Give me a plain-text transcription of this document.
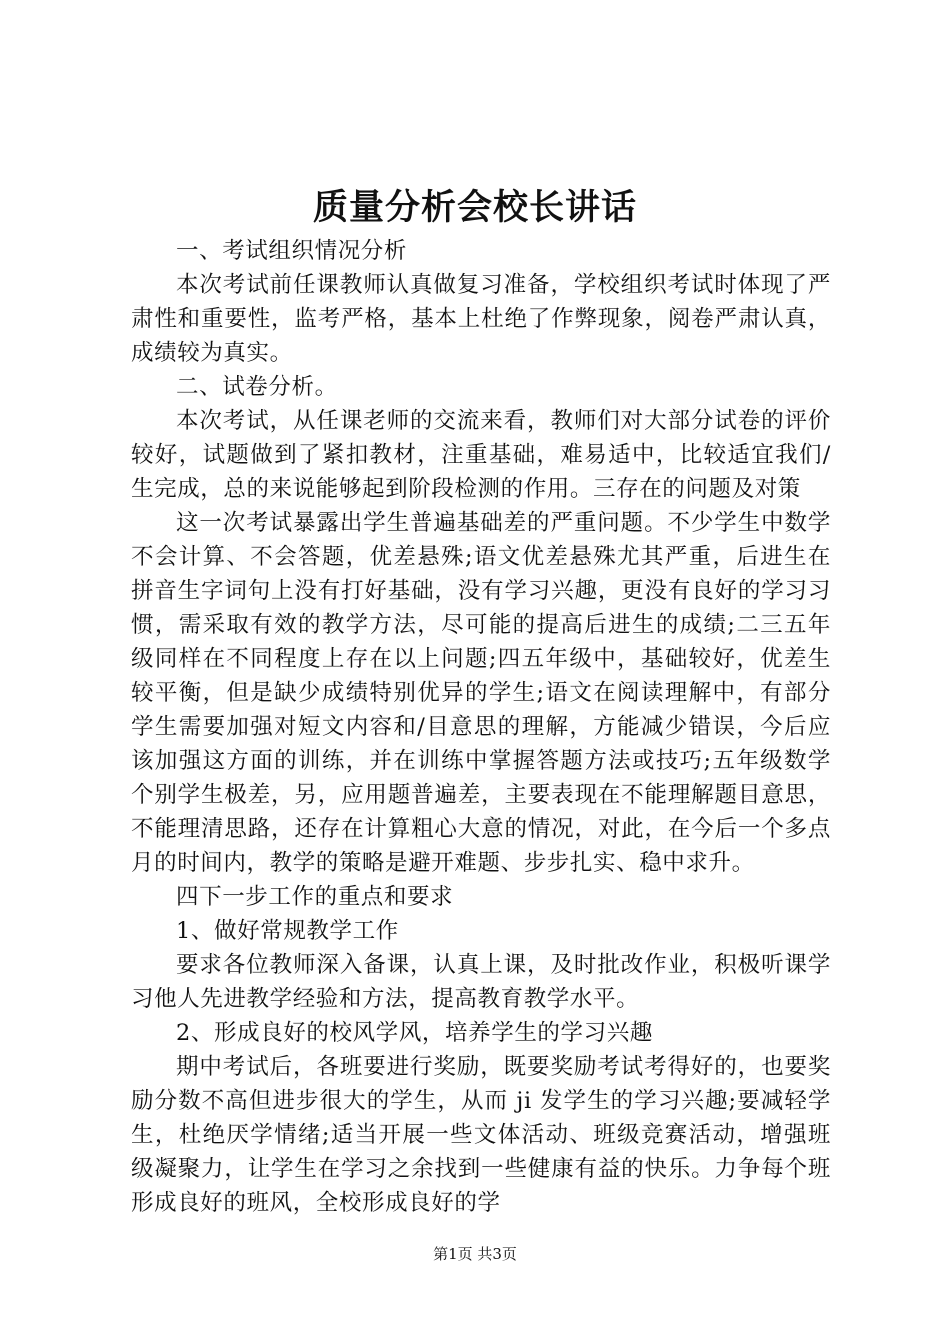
质量分析会校长讲话

一、考试组织情况分析

本次考试前任课教师认真做复习准备，学校组织考试时体现了严肃性和重要性，监考严格，基本上杜绝了作弊现象，阅卷严肃认真，成绩较为真实。

二、试卷分析。

本次考试，从任课老师的交流来看，教师们对大部分试卷的评价较好，试题做到了紧扣教材，注重基础，难易适中，比较适宜我们/生完成，总的来说能够起到阶段检测的作用。三存在的问题及对策

这一次考试暴露出学生普遍基础差的严重问题。不少学生中数学不会计算、不会答题，优差悬殊;语文优差悬殊尤其严重，后进生在拼音生字词句上没有打好基础，没有学习兴趣，更没有良好的学习习惯，需采取有效的教学方法，尽可能的提高后进生的成绩;二三五年级同样在不同程度上存在以上问题;四五年级中，基础较好，优差生较平衡，但是缺少成绩特别优异的学生;语文在阅读理解中，有部分学生需要加强对短文内容和/目意思的理解，方能减少错误，今后应该加强这方面的训练，并在训练中掌握答题方法或技巧;五年级数学个别学生极差，另，应用题普遍差，主要表现在不能理解题目意思，不能理清思路，还存在计算粗心大意的情况，对此，在今后一个多点月的时间内，教学的策略是避开难题、步步扎实、稳中求升。

四下一步工作的重点和要求

1、做好常规教学工作

要求各位教师深入备课，认真上课，及时批改作业，积极听课学习他人先进教学经验和方法，提高教育教学水平。

2、形成良好的校风学风，培养学生的学习兴趣

期中考试后，各班要进行奖励，既要奖励考试考得好的，也要奖励分数不高但进步很大的学生，从而 ji 发学生的学习兴趣;要减轻学生，杜绝厌学情绪;适当开展一些文体活动、班级竞赛活动，增强班级凝聚力，让学生在学习之余找到一些健康有益的快乐。力争每个班形成良好的班风，全校形成良好的学

第1页 共3页
